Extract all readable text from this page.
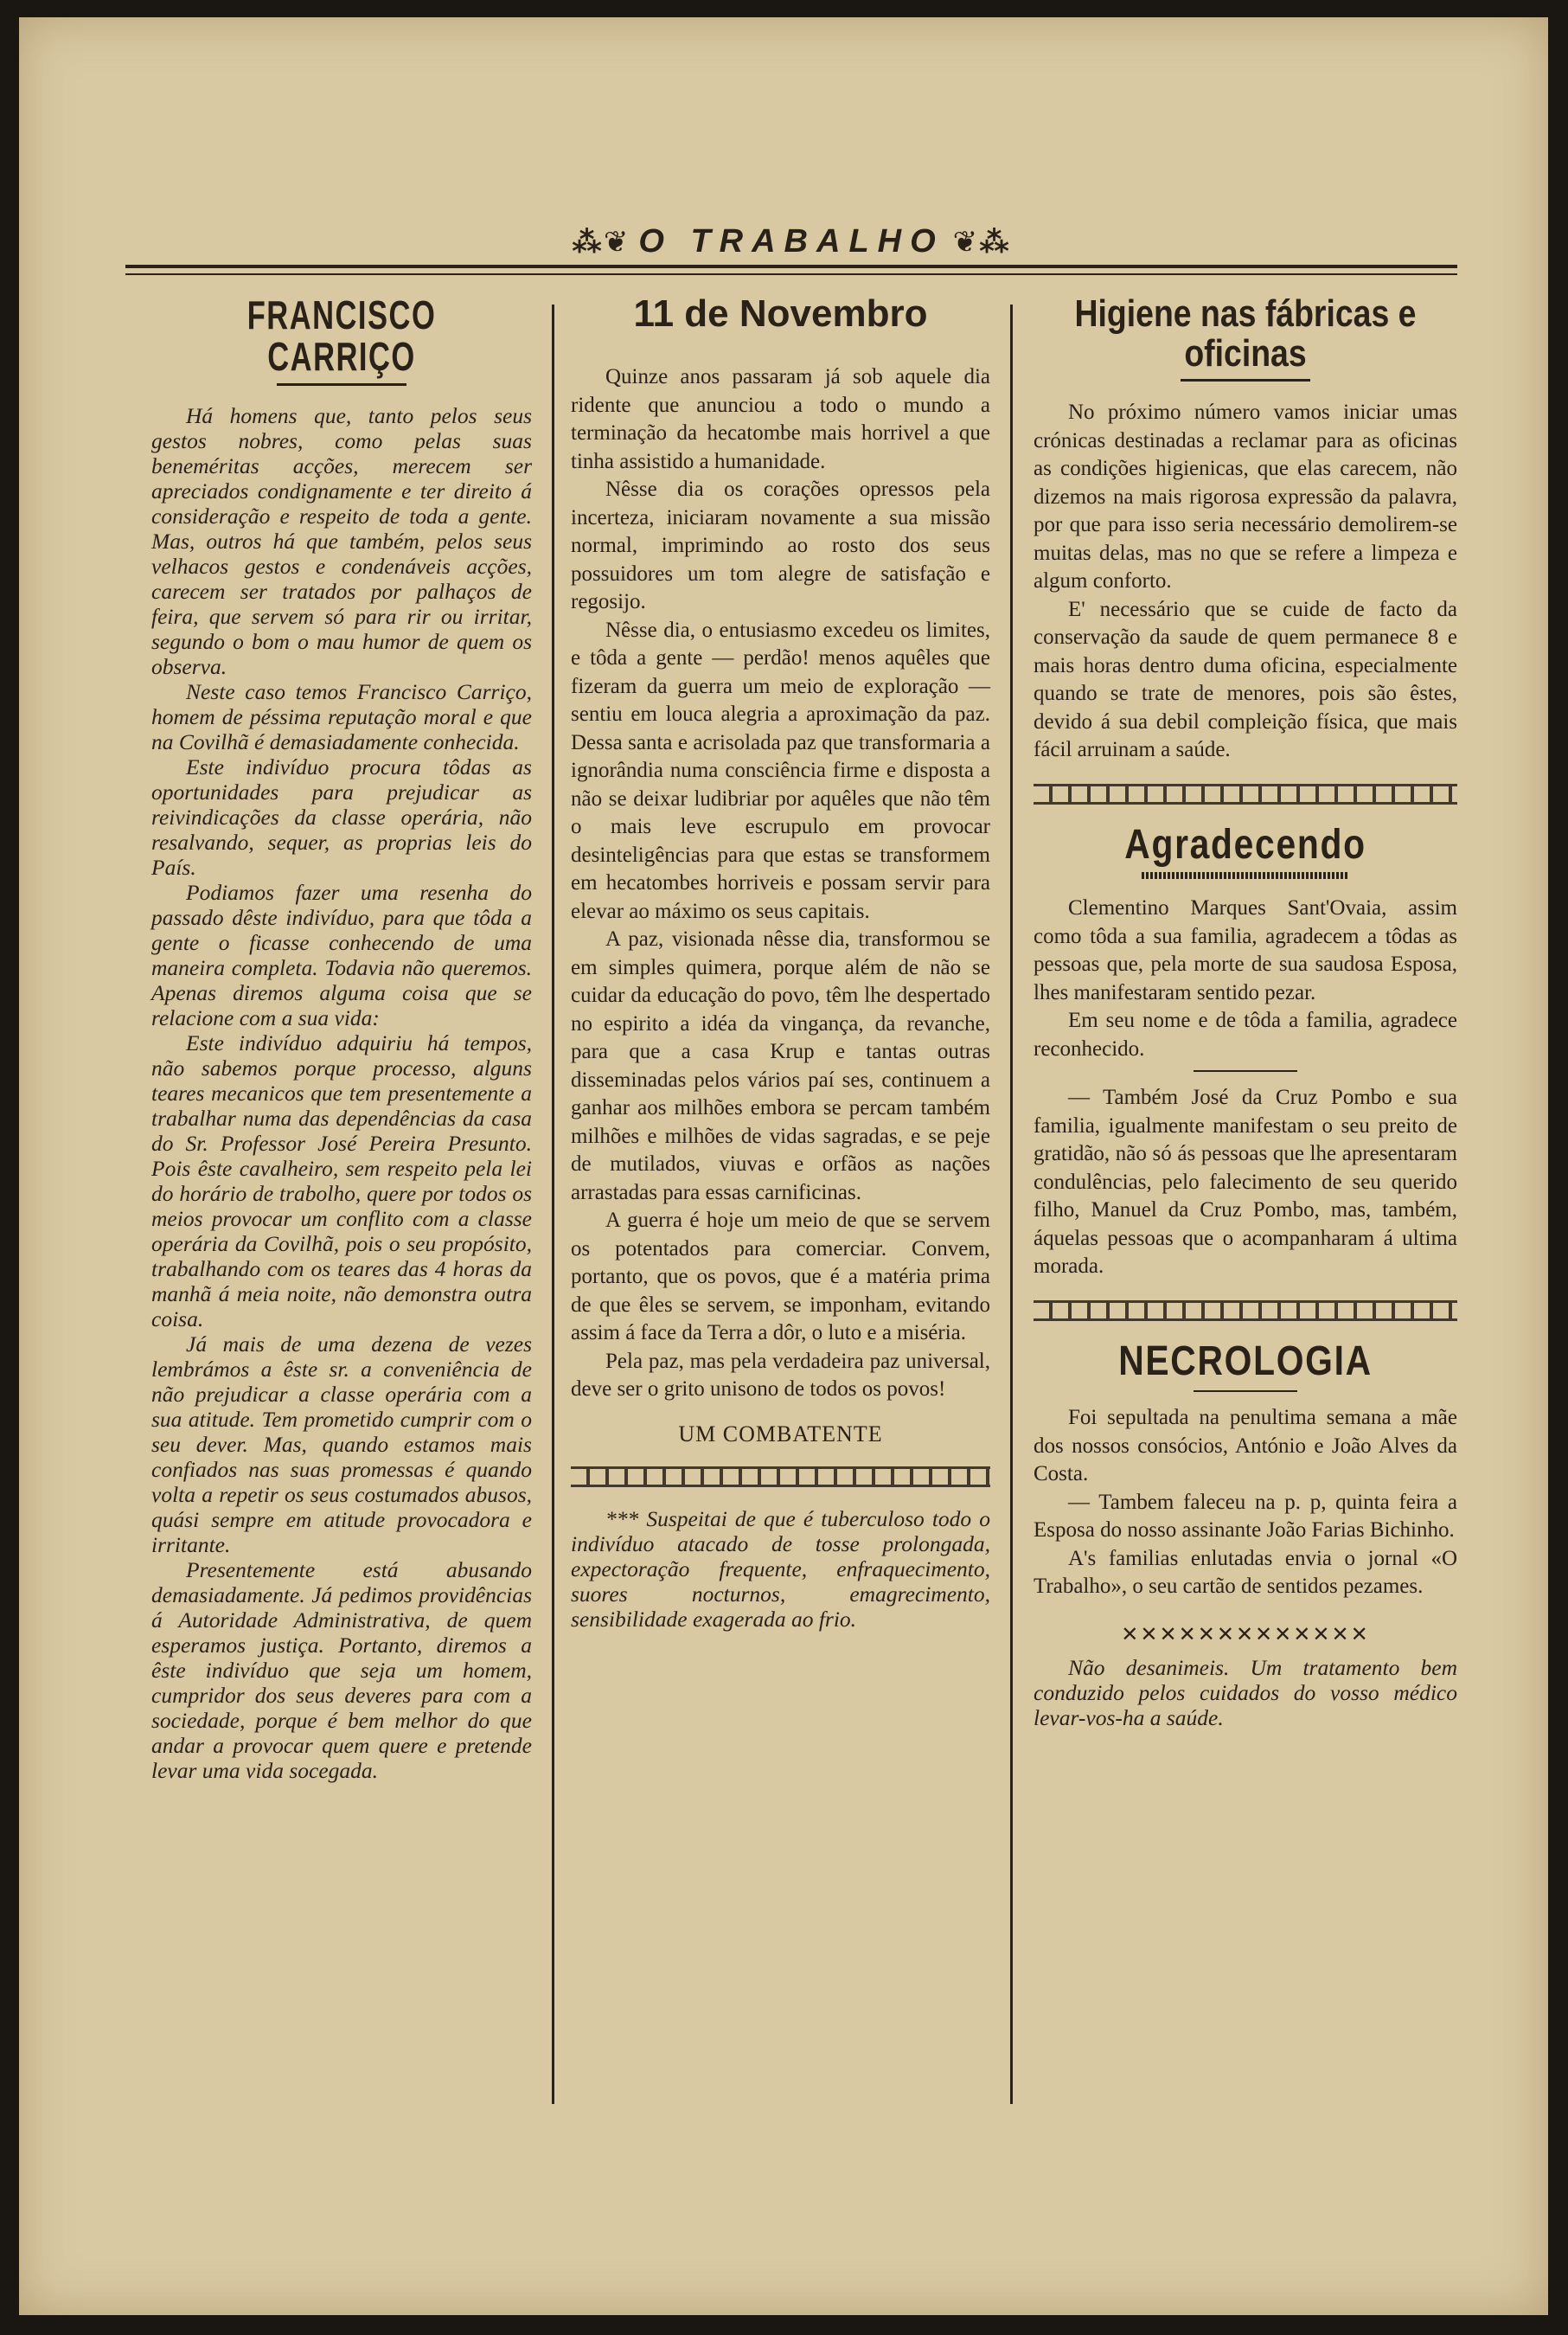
⁂❦ O TRABALHO ❦⁂
FRANCISCO CARRIÇO

Há homens que, tanto pelos seus gestos nobres, como pelas suas beneméritas acções, merecem ser apreciados condignamente e ter direito á consideração e respeito de toda a gente. Mas, outros há que também, pelos seus velhacos gestos e condenáveis acções, carecem ser tratados por palhaços de feira, que servem só para rir ou irritar, segundo o bom o mau humor de quem os observa.

Neste caso temos Francisco Carriço, homem de péssima reputação moral e que na Covilhã é demasiadamente conhecida.

Este indivíduo procura tôdas as oportunidades para prejudicar as reivindicações da classe operária, não resalvando, sequer, as proprias leis do País.

Podiamos fazer uma resenha do passado dêste indivíduo, para que tôda a gente o ficasse conhecendo de uma maneira completa. Todavia não queremos. Apenas diremos alguma coisa que se relacione com a sua vida:

Este indivíduo adquiriu há tempos, não sabemos porque processo, alguns teares mecanicos que tem presentemente a trabalhar numa das dependências da casa do Sr. Professor José Pereira Presunto. Pois êste cavalheiro, sem respeito pela lei do horário de trabolho, quere por todos os meios provocar um conflito com a classe operária da Covilhã, pois o seu propósito, trabalhando com os teares das 4 horas da manhã á meia noite, não demonstra outra coisa.

Já mais de uma dezena de vezes lembrámos a êste sr. a conveniência de não prejudicar a classe operária com a sua atitude. Tem prometido cumprir com o seu dever. Mas, quando estamos mais confiados nas suas promessas é quando volta a repetir os seus costumados abusos, quási sempre em atitude provocadora e irritante.

Presentemente está abusando demasiadamente. Já pedimos providências á Autoridade Administrativa, de quem esperamos justiça. Portanto, diremos a êste indivíduo que seja um homem, cumpridor dos seus deveres para com a sociedade, porque é bem melhor do que andar a provocar quem quere e pretende levar uma vida socegada.

11 de Novembro

Quinze anos passaram já sob aquele dia ridente que anunciou a todo o mundo a terminação da hecatombe mais horrivel a que tinha assistido a humanidade.

Nêsse dia os corações opressos pela incerteza, iniciaram novamente a sua missão normal, imprimindo ao rosto dos seus possuidores um tom alegre de satisfação e regosijo.

Nêsse dia, o entusiasmo excedeu os limites, e tôda a gente — perdão! menos aquêles que fizeram da guerra um meio de exploração — sentiu em louca alegria a aproximação da paz. Dessa santa e acrisolada paz que transformaria a ignorândia numa consciência firme e disposta a não se deixar ludibriar por aquêles que não têm o mais leve escrupulo em provocar desinteligências para que estas se transformem em hecatombes horriveis e possam servir para elevar ao máximo os seus capitais.

A paz, visionada nêsse dia, transformou se em simples quimera, porque além de não se cuidar da educação do povo, têm lhe despertado no espirito a idéa da vingança, da revanche, para que a casa Krup e tantas outras disseminadas pelos vários paí ses, continuem a ganhar aos milhões embora se percam também milhões e milhões de vidas sagradas, e se peje de mutilados, viuvas e orfãos as nações arrastadas para essas carnificinas.

A guerra é hoje um meio de que se servem os potentados para comerciar. Convem, portanto, que os povos, que é a matéria prima de que êles se servem, se imponham, evitando assim á face da Terra a dôr, o luto e a miséria.

Pela paz, mas pela verdadeira paz universal, deve ser o grito unisono de todos os povos!

UM COMBATENTE

*** Suspeitai de que é tuberculoso todo o indivíduo atacado de tosse prolongada, expectoração frequente, enfraquecimento, suores nocturnos, emagrecimento, sensibilidade exagerada ao frio.

Higiene nas fábricas e oficinas

No próximo número vamos iniciar umas crónicas destinadas a reclamar para as oficinas as condições higienicas, que elas carecem, não dizemos na mais rigorosa expressão da palavra, por que para isso seria necessário demolirem-se muitas delas, mas no que se refere a limpeza e algum conforto.

E' necessário que se cuide de facto da conservação da saude de quem permanece 8 e mais horas dentro duma oficina, especialmente quando se trate de menores, pois são êstes, devido á sua debil compleição física, que mais fácil arruinam a saúde.

Agradecendo

Clementino Marques Sant'Ovaia, assim como tôda a sua familia, agradecem a tôdas as pessoas que, pela morte de sua saudosa Esposa, lhes manifestaram sentido pezar.

Em seu nome e de tôda a familia, agradece reconhecido.

— Também José da Cruz Pombo e sua familia, igualmente manifestam o seu preito de gratidão, não só ás pessoas que lhe apresentaram condulências, pelo falecimento de seu querido filho, Manuel da Cruz Pombo, mas, também, áquelas pessoas que o acompanharam á ultima morada.

NECROLOGIA

Foi sepultada na penultima semana a mãe dos nossos consócios, António e João Alves da Costa.

— Tambem faleceu na p. p, quinta feira a Esposa do nosso assinante João Farias Bichinho.

A's familias enlutadas envia o jornal «O Trabalho», o seu cartão de sentidos pezames.

✕✕✕✕✕✕✕✕✕✕✕✕✕

Não desanimeis. Um tratamento bem conduzido pelos cuidados do vosso médico levar-vos-ha a saúde.
